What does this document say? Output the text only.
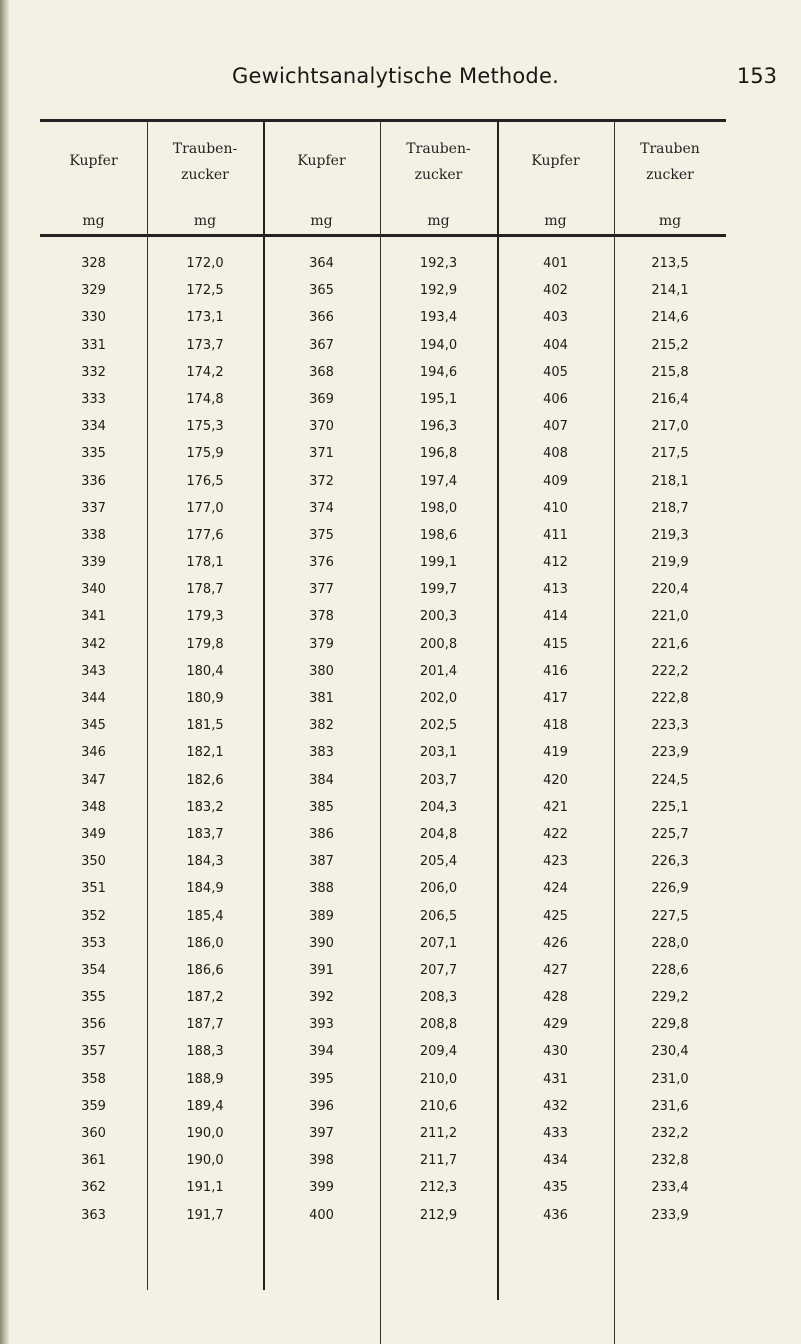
Gewichtsanalytische Methode.	153
Kupfer
mg
328
329
330
331
332
333
334
335
336
337
338
339
340
341
342
343
344
345
346
347
348
349
350
351
352
353
354
355
356
357
358
359
360
361
362
363
Trauben-
zucker
mg
172,0
172,5
173,1
173,7
174,2
174,8
175,3
175,9
176,5
177,0
177,6
178,1
178,7
179,3
179,8
180,4
180,9
181,5
182,1
182,6
183,2
183,7
184,3
184,9
185,4
186,0
186,6
187,2
187,7
188,3
188,9
189,4
190,0
190,0
191,1
191,7
Kupfer
mg
364
365
366
367
368
369
370
371
372
374
375
376
377
378
379
380
381
382
383
384
385
386
387
388
389
390
391
392
393
394
395
396
397
398
399
400
Trauben-
zucker
mg
192,3
192,9
193,4
194,0
194,6
195,1
196,3
196,8
197,4
198,0
198,6
199,1
199,7
200,3
200,8
201,4
202,0
202,5
203,1
203,7
204,3
204,8
205,4
206,0
206,5
207,1
207,7
208,3
208,8
209,4
210,0
210,6
211,2
211,7
212,3
212,9
Kupfer
mg
401
402
403
404
405
406
407
408
409
410
411
412
413
414
415
416
417
418
419
420
421
422
423
424
425
426
427
428
429
430
431
432
433
434
435
436
Trauben
zucker
mg
213,5
214,1
214,6
215,2
215,8
216,4
217,0
217,5
218,1
218,7
219,3
219,9
220,4
221,0
221,6
222,2
222,8
223,3
223,9
224,5
225,1
225,7
226,3
226,9
227,5
228,0
228,6
229,2
229,8
230,4
231,0
231,6
232,2
232,8
233,4
233,9
